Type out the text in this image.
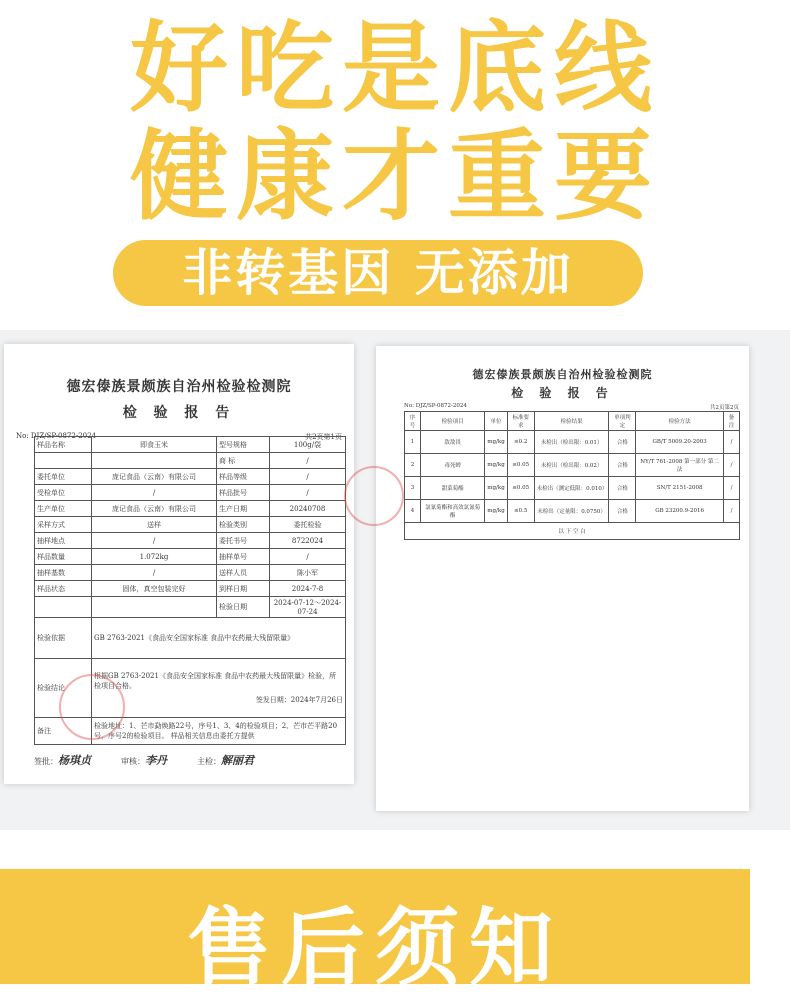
好吃是底线
健康才重要
非转基因 无添加
德宏傣族景颇族自治州检验检测院
检 验 报 告
No: DJZ/SP-0872-2024	共2页第1页
样品名称	即食玉米	型号规格	100g/袋
		商 标	/
委托单位	庞记食品（云南）有限公司	样品等级	/
受检单位	/	样品批号	/
生产单位	庞记食品（云南）有限公司	生产日期	20240708
采样方式	送样	检验类别	委托检验
抽样地点	/	委托书号	8722024
样品数量	1.072kg	抽样单号	/
抽样基数	/	送样人员	陈小军
样品状态	固体，真空包装完好	到样日期	2024-7-8
		检验日期	2024-07-12～2024-07-24
检验依据	GB 2763-2021《食品安全国家标准 食品中农药最大残留限量》		
检验结论	根据GB 2763-2021《食品安全国家标准 食品中农药最大残留限量》检验，所检项目合格。
签发日期：2024年7月26日		

备注	检验地址：1、芒市勐焕路22号，序号1、3、4的检验项目；2、芒市芒平路20号，序号2的检验项目。 样品相关信息由委托方提供		
签批：杨琪贞	审核：李丹	主检：解丽君
德宏傣族景颇族自治州检验检测院
检 验 报 告
No: DJZ/SP-0872-2024	共2页第2页
序号	检验项目	单位	标准要求	检验结果	单项判定	检验方法	备注
1	敌敌畏	mg/kg	≤0.2	未检出（检出限：0.01）	合格	GB/T 5009.20-2003	/
2	毒死蜱	mg/kg	≤0.05	未检出（检出限：0.02）	合格	NY/T 761-2008 第一部分 第二法	/
3	甜菜菊酯	mg/kg	≤0.05	未检出（测定低限：0.010）	合格	SN/T 2151-2008	/
4	氯氰菊酯和高效氯氰菊酯	mg/kg	≤0.5	未检出（定量限：0.0750）	合格	GB 23200.9-2016	/
以 下 空 白							
售后须知
